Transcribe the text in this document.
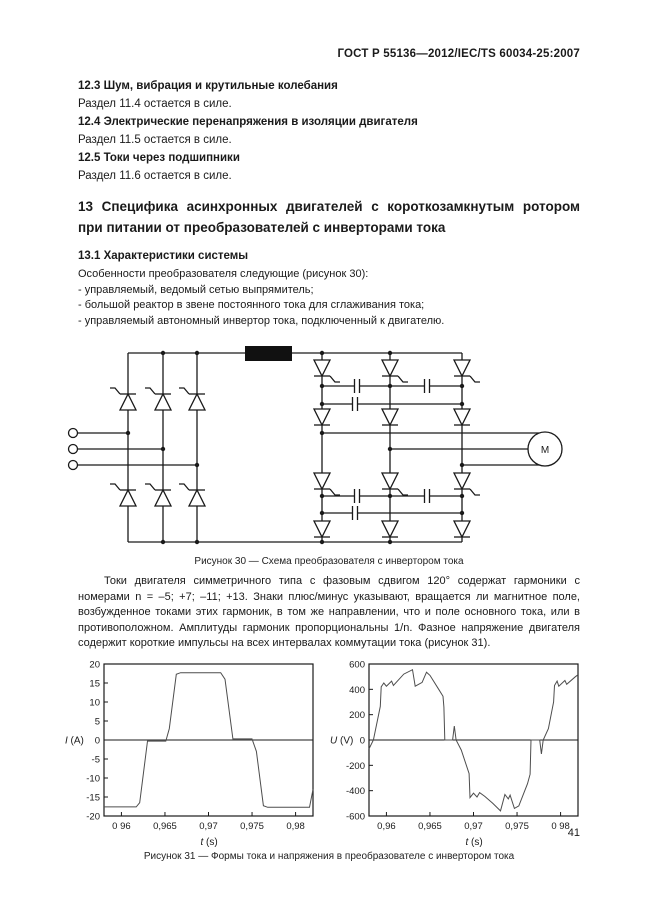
ГОСТ Р 55136—2012/IEC/TS 60034-25:2007
12.3 Шум, вибрация и крутильные колебания
Раздел 11.4 остается в силе.
12.4 Электрические перенапряжения в изоляции двигателя
Раздел 11.5 остается в силе.
12.5 Токи через подшипники
Раздел 11.6 остается в силе.
13 Специфика асинхронных двигателей с короткозамкнутым ротором
при питании от преобразователей с инверторами тока
13.1 Характеристики системы
Особенности преобразователя следующие (рисунок 30):
- управляемый, ведомый сетью выпрямитель;
- большой реактор в звене постоянного тока для сглаживания тока;
- управляемый автономный инвертор тока, подключенный к двигателю.
M
Рисунок 30 — Схема преобразователя с инвертором тока
Токи двигателя симметричного типа с фазовым сдвигом 120° содержат гармоники с номерами n = –5; +7; –11; +13. Знаки плюс/минус указывают, вращается ли магнитное поле, возбужденное токами этих гармоник, в том же направлении, что и поле основного тока, или в противоположном. Амплитуды гармоник пропорциональны 1/n. Фазное напряжение двигателя содержит короткие импульсы на всех интервалах коммутации тока (рисунок 31).
-20
-15
-10
-5
0
5
10
15
20
0 96 0,965 0,97 0,975 0,98
I (A)
t (s)
-600
-400
-200
0
200
400
600
0,96 0,965 0,97 0,975 0 98
U (V)
t (s)
Рисунок 31 — Формы тока и напряжения в преобразователе с инвертором тока
41
